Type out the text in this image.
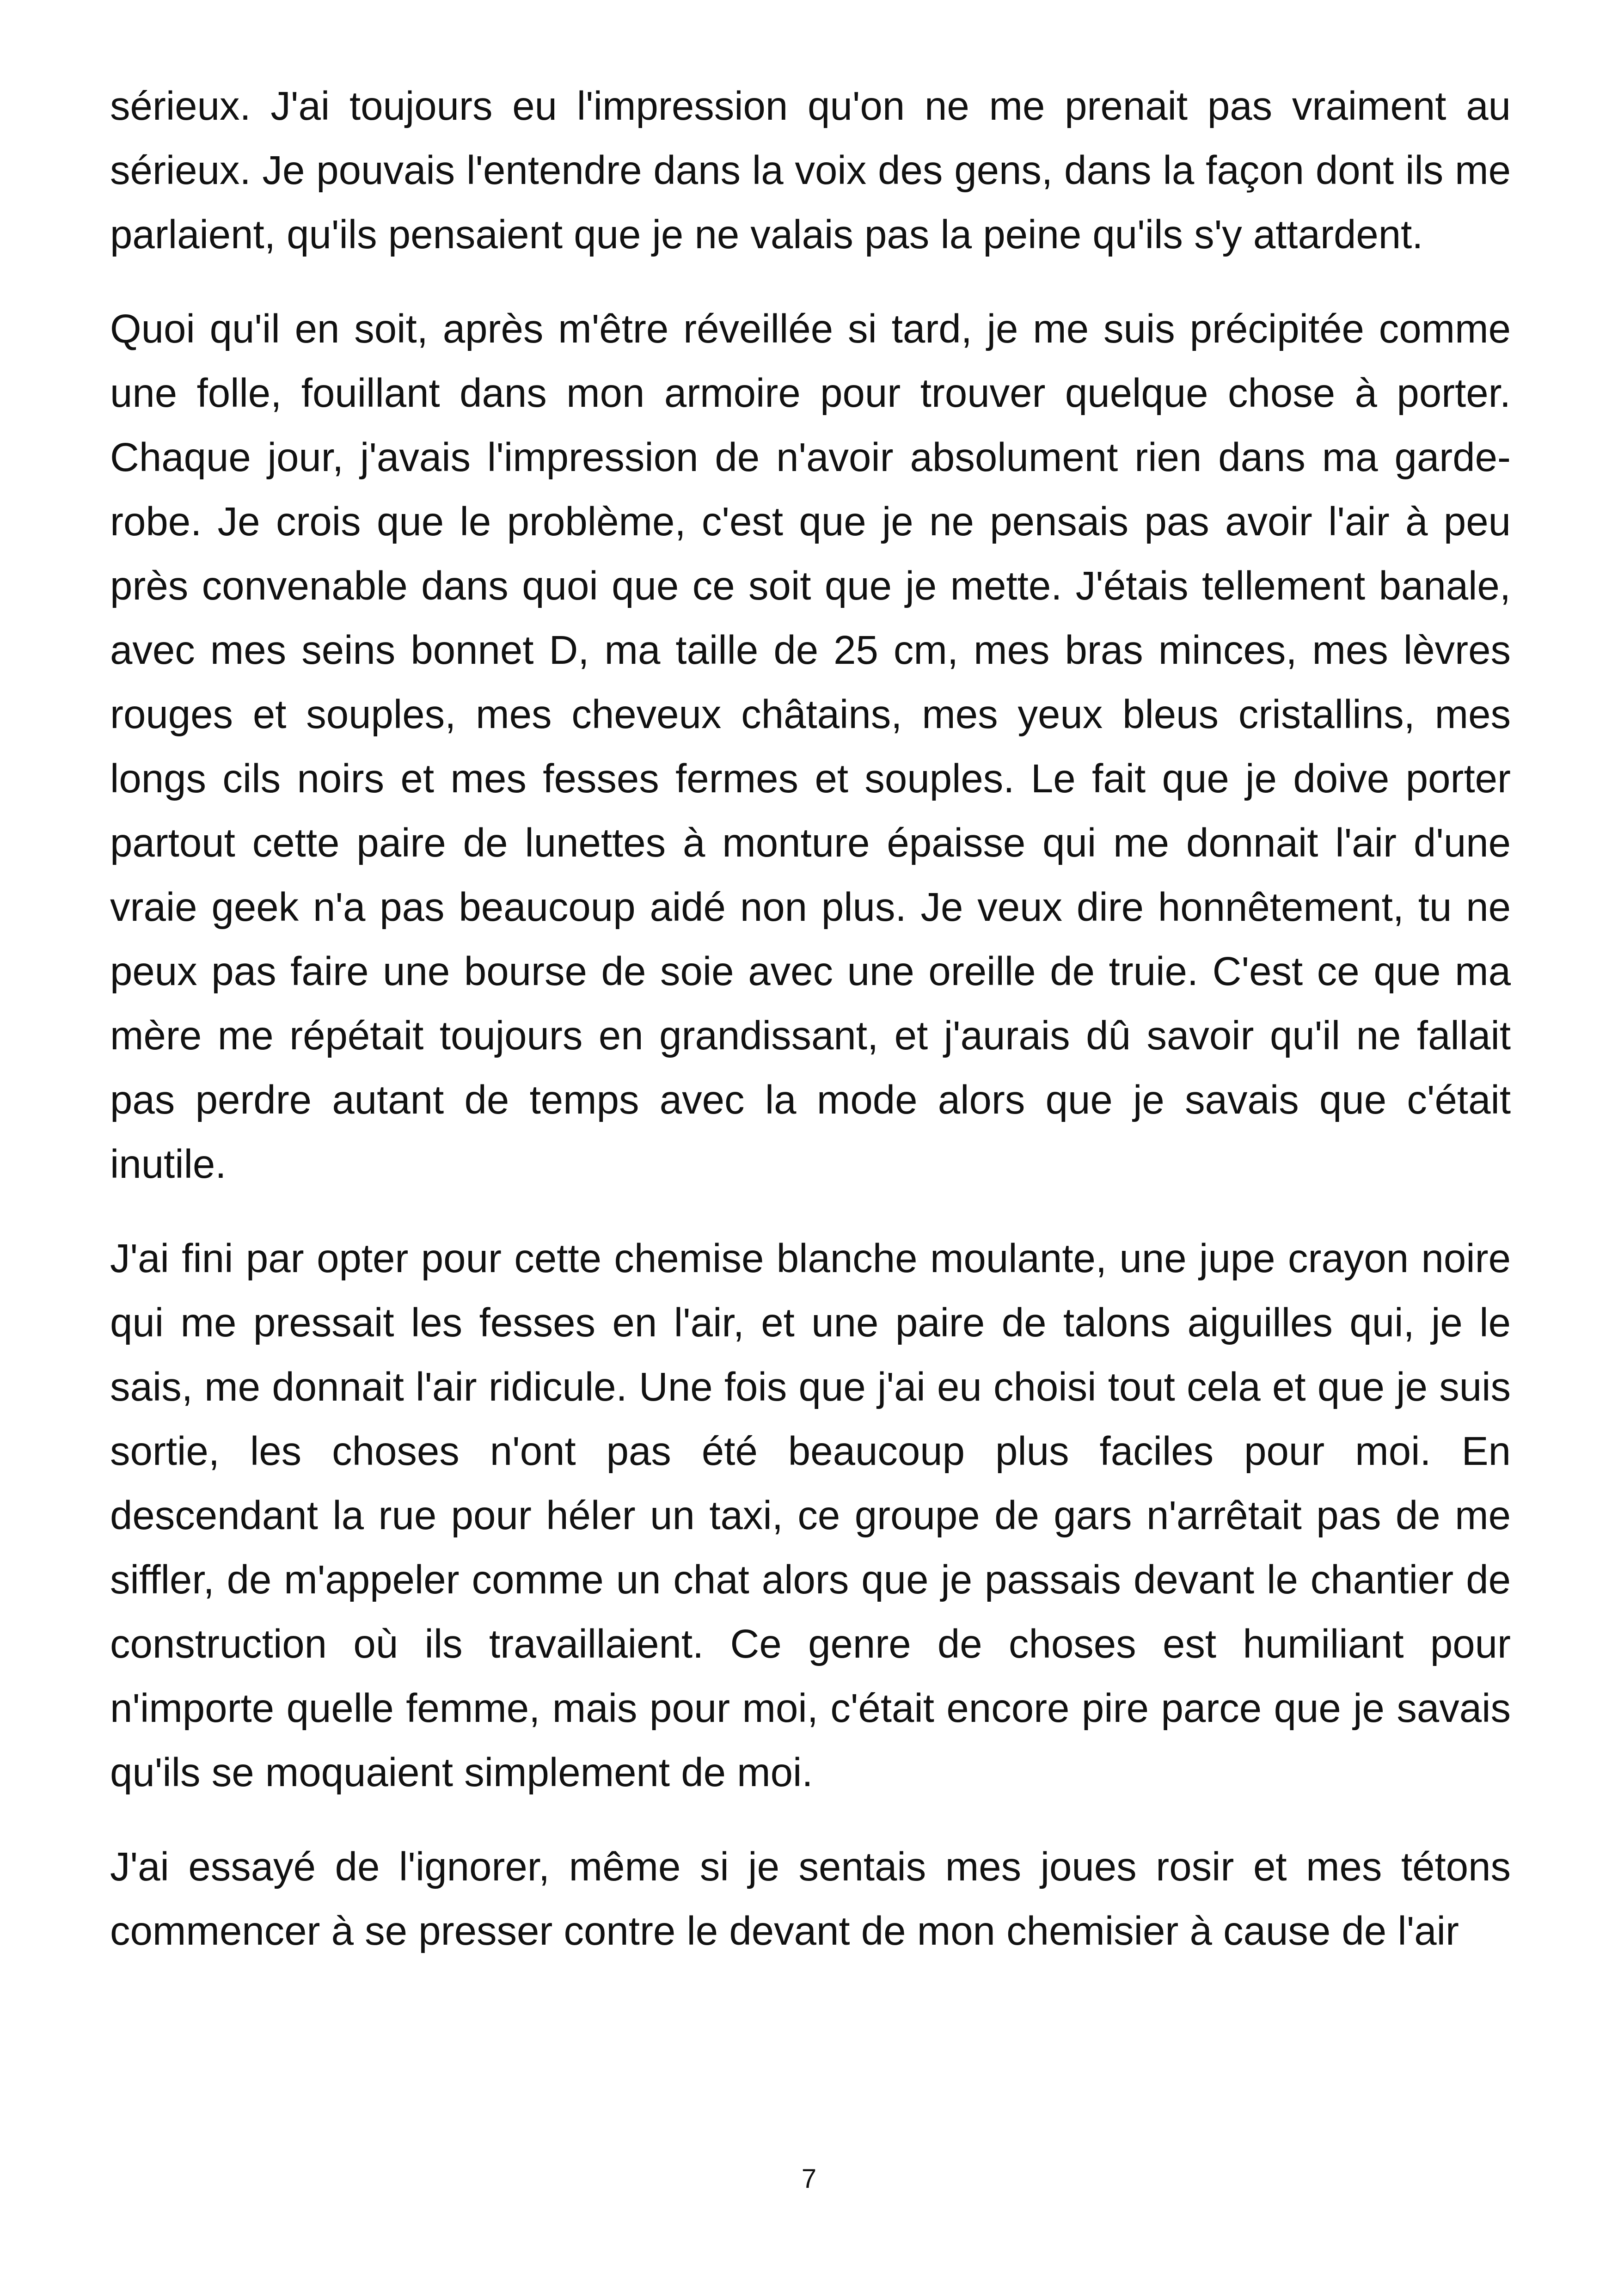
sérieux. J'ai toujours eu l'impression qu'on ne me prenait pas vraiment au sérieux. Je pouvais l'entendre dans la voix des gens, dans la façon dont ils me parlaient, qu'ils pensaient que je ne valais pas la peine qu'ils s'y attardent.

Quoi qu'il en soit, après m'être réveillée si tard, je me suis précipitée comme une folle, fouillant dans mon armoire pour trouver quelque chose à porter. Chaque jour, j'avais l'impression de n'avoir absolument rien dans ma garde-robe. Je crois que le problème, c'est que je ne pensais pas avoir l'air à peu près convenable dans quoi que ce soit que je mette. J'étais tellement banale, avec mes seins bonnet D, ma taille de 25 cm, mes bras minces, mes lèvres rouges et souples, mes cheveux châtains, mes yeux bleus cristallins, mes longs cils noirs et mes fesses fermes et souples. Le fait que je doive porter partout cette paire de lunettes à monture épaisse qui me donnait l'air d'une vraie geek n'a pas beaucoup aidé non plus. Je veux dire honnêtement, tu ne peux pas faire une bourse de soie avec une oreille de truie. C'est ce que ma mère me répétait toujours en grandissant, et j'aurais dû savoir qu'il ne fallait pas perdre autant de temps avec la mode alors que je savais que c'était inutile.

J'ai fini par opter pour cette chemise blanche moulante, une jupe crayon noire qui me pressait les fesses en l'air, et une paire de talons aiguilles qui, je le sais, me donnait l'air ridicule. Une fois que j'ai eu choisi tout cela et que je suis sortie, les choses n'ont pas été beaucoup plus faciles pour moi. En descendant la rue pour héler un taxi, ce groupe de gars n'arrêtait pas de me siffler, de m'appeler comme un chat alors que je passais devant le chantier de construction où ils travaillaient. Ce genre de choses est humiliant pour n'importe quelle femme, mais pour moi, c'était encore pire parce que je savais qu'ils se moquaient simplement de moi.

J'ai essayé de l'ignorer, même si je sentais mes joues rosir et mes tétons commencer à se presser contre le devant de mon chemisier à cause de l'air

7
